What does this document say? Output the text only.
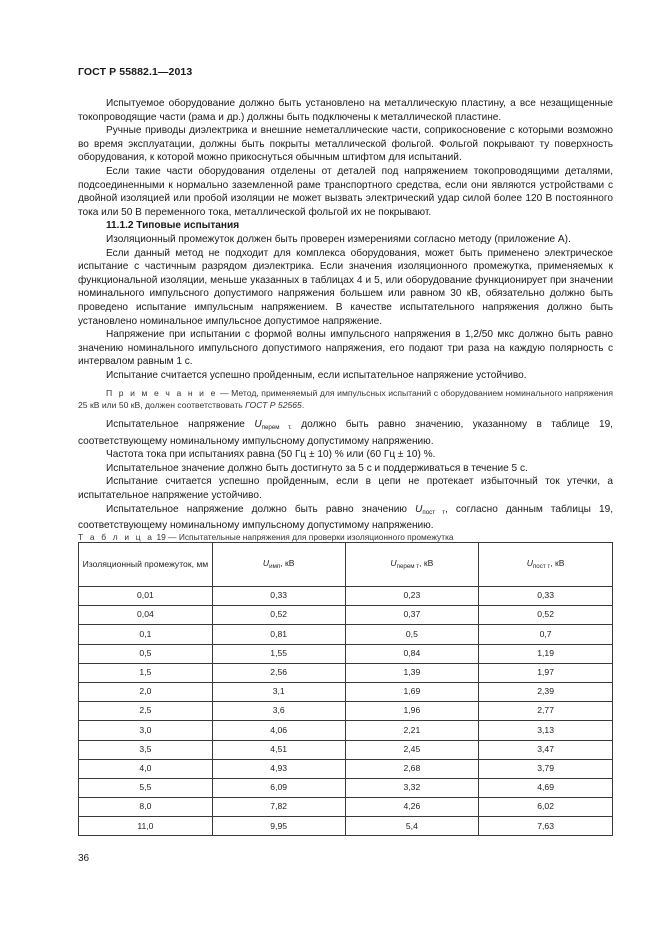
ГОСТ Р 55882.1—2013

Испытуемое оборудование должно быть установлено на металлическую пластину, а все незащищенные токопроводящие части (рама и др.) должны быть подключены к металлической пластине.

Ручные приводы диэлектрика и внешние неметаллические части, соприкосновение с которыми возможно во время эксплуатации, должны быть покрыты металлической фольгой. Фольгой покрывают ту поверхность оборудования, к которой можно прикоснуться обычным штифтом для испытаний.

Если такие части оборудования отделены от деталей под напряжением токопроводящими деталями, подсоединенными к нормально заземленной раме транспортного средства, если они являются устройствами с двойной изоляцией или пробой изоляции не может вызвать электрический удар силой более 120 В постоянного тока или 50 В переменного тока, металлической фольгой их не покрывают.

11.1.2 Типовые испытания

Изоляционный промежуток должен быть проверен измерениями согласно методу (приложение А).

Если данный метод не подходит для комплекса оборудования, может быть применено электрическое испытание с частичным разрядом диэлектрика. Если значения изоляционного промежутка, применяемых к функциональной изоляции, меньше указанных в таблицах 4 и 5, или оборудование функционирует при значении номинального импульсного допустимого напряжения большем или равном 30 кВ, обязательно должно быть проведено испытание импульсным напряжением. В качестве испытательного напряжения должно быть установлено номинальное импульсное допустимое напряжение.

Напряжение при испытании с формой волны импульсного напряжения в 1,2/50 мкс должно быть равно значению номинального импульсного допустимого напряжения, его подают три раза на каждую полярность с интервалом равным 1 с.

Испытание считается успешно пройденным, если испытательное напряжение устойчиво.

П р и м е ч а н и е — Метод, применяемый для импульсных испытаний с оборудованием номинального напряжения 25 кВ или 50 кВ, должен соответствовать ГОСТ Р 52565.

Испытательное напряжение $U_{перем т.}$ должно быть равно значению, указанному в таблице 19, соответствующему номинальному импульсному допустимому напряжению.

Частота тока при испытаниях равна (50 Гц ± 10) % или (60 Гц ± 10) %.

Испытательное значение должно быть достигнуто за 5 с и поддерживаться в течение 5 с.

Испытание считается успешно пройденным, если в цепи не протекает избыточный ток утечки, а испытательное напряжение устойчиво.

Испытательное напряжение должно быть равно значению $U_{пост т}$, согласно данным таблицы 19, соответствующему номинальному импульсному допустимому напряжению.

Т а б л и ц а 19 — Испытательные напряжения для проверки изоляционного промежутка
Изоляционный промежуток, мм	$U_{имп}$, кВ	$U_{перем т}$, кВ	$U_{пост т}$, кВ
0,01	0,33	0,23	0,33
0,04	0,52	0,37	0,52
0,1	0,81	0,5	0,7
0,5	1,55	0,84	1,19
1,5	2,56	1,39	1,97
2,0	3,1	1,69	2,39
2,5	3,6	1,96	2,77
3,0	4,06	2,21	3,13
3,5	4,51	2,45	3,47
4,0	4,93	2,68	3,79
5,5	6,09	3,32	4,69
8,0	7,82	4,26	6,02
11,0	9,95	5,4	7,63
36
